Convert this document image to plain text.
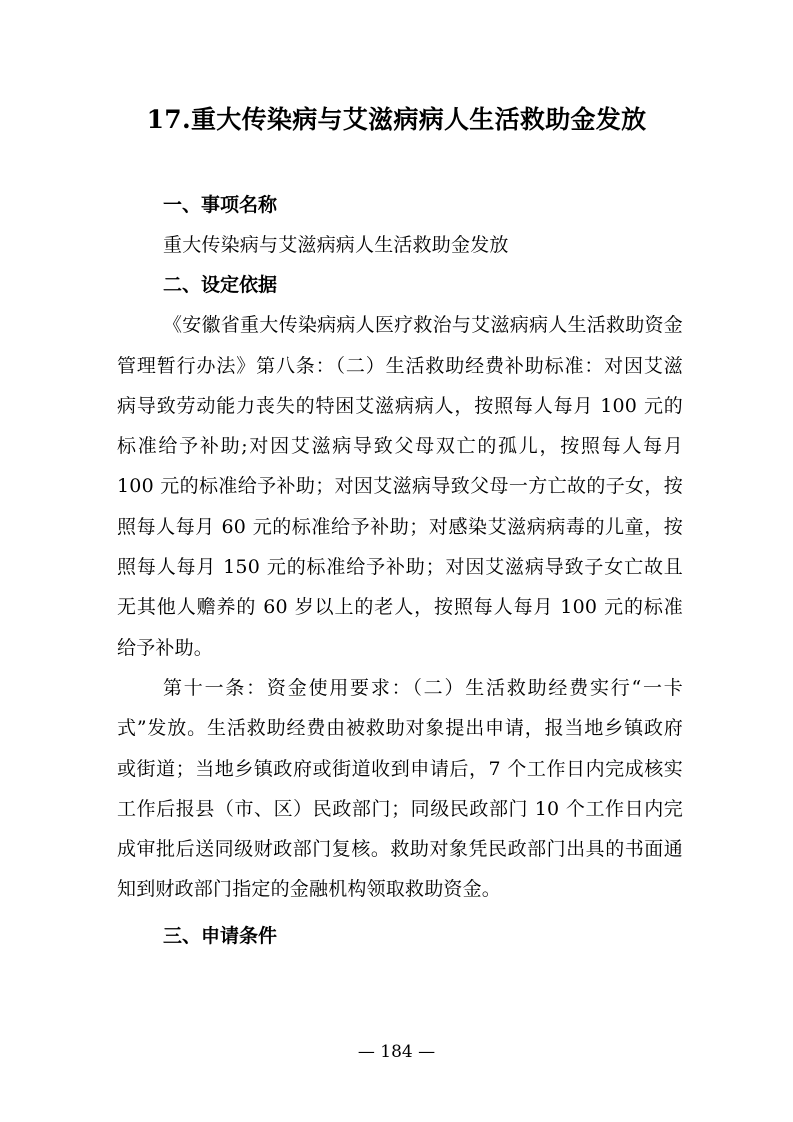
17.重大传染病与艾滋病病人生活救助金发放

一、事项名称

重大传染病与艾滋病病人生活救助金发放

二、设定依据

《安徽省重大传染病病人医疗救治与艾滋病病人生活救助资金管理暂行办法》第八条：（二）生活救助经费补助标准：对因艾滋病导致劳动能力丧失的特困艾滋病病人，按照每人每月 100 元的标准给予补助;对因艾滋病导致父母双亡的孤儿，按照每人每月 100 元的标准给予补助；对因艾滋病导致父母一方亡故的子女，按照每人每月 60 元的标准给予补助；对感染艾滋病病毒的儿童，按照每人每月 150 元的标准给予补助；对因艾滋病导致子女亡故且无其他人赡养的 60 岁以上的老人，按照每人每月 100 元的标准给予补助。

第十一条：资金使用要求：（二）生活救助经费实行“一卡式”发放。生活救助经费由被救助对象提出申请，报当地乡镇政府或街道；当地乡镇政府或街道收到申请后，7 个工作日内完成核实工作后报县（市、区）民政部门；同级民政部门 10 个工作日内完成审批后送同级财政部门复核。救助对象凭民政部门出具的书面通知到财政部门指定的金融机构领取救助资金。

三、申请条件

— 184 —
